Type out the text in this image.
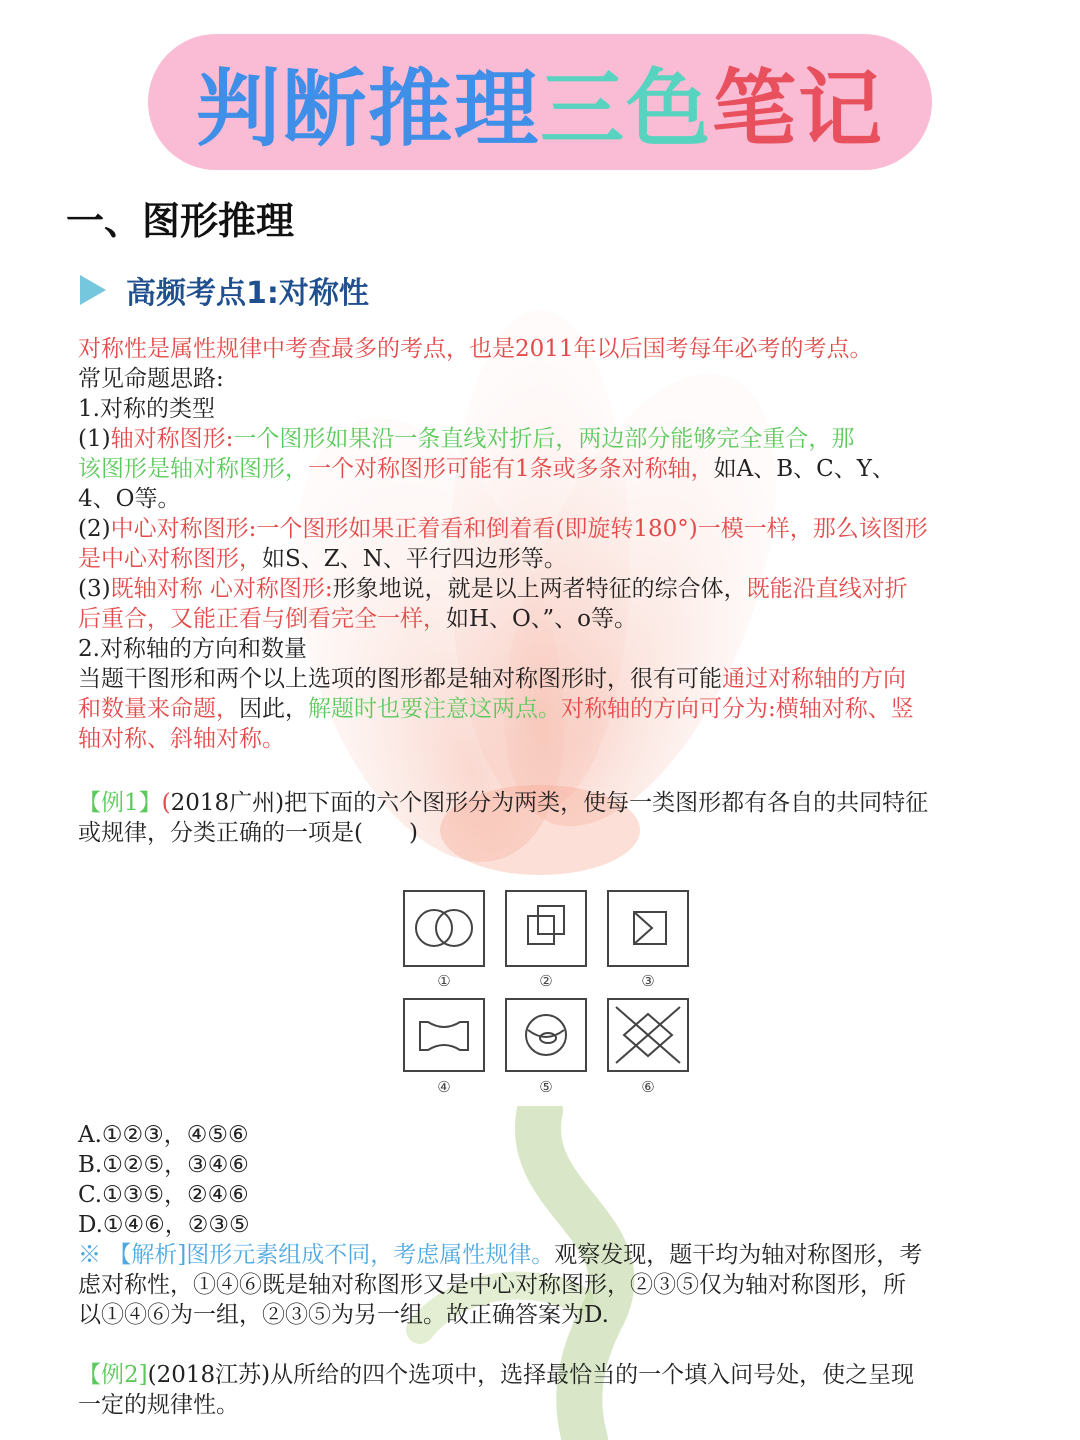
判断推理 三色 笔记
一、图形推理
高频考点1:对称性
对称性是属性规律中考查最多的考点，也是2011年以后国考每年必考的考点。
常见命题思路:
1.对称的类型
(1)轴对称图形:一个图形如果沿一条直线对折后，两边部分能够完全重合，那
该图形是轴对称图形，一个对称图形可能有1条或多条对称轴，如A、B、C、Y、
4、O等。
(2)中心对称图形:一个图形如果正着看和倒着看(即旋转180°)一模一样，那么该图形
是中心对称图形，如S、Z、N、平行四边形等。
(3)既轴对称 心对称图形:形象地说，就是以上两者特征的综合体，既能沿直线对折
后重合，又能正看与倒看完全一样，如H、O、”、o等。
2.对称轴的方向和数量
当题干图形和两个以上选项的图形都是轴对称图形时，很有可能通过对称轴的方向
和数量来命题，因此，解题时也要注意这两点。对称轴的方向可分为:横轴对称、竖
轴对称、斜轴对称。
【例1】(2018广州)把下面的六个图形分为两类，使每一类图形都有各自的共同特征
或规律，分类正确的一项是(　　)
①	②	③
④	⑤	⑥
A.①②③，④⑤⑥
B.①②⑤，③④⑥
C.①③⑤，②④⑥
D.①④⑥，②③⑤
※ 【解析]图形元素组成不同，考虑属性规律。观察发现，题干均为轴对称图形，考
虑对称性，①④⑥既是轴对称图形又是中心对称图形，②③⑤仅为轴对称图形，所
以①④⑥为一组，②③⑤为另一组。故正确答案为D.
【例2](2018江苏)从所给的四个选项中，选择最恰当的一个填入问号处，使之呈现
一定的规律性。
